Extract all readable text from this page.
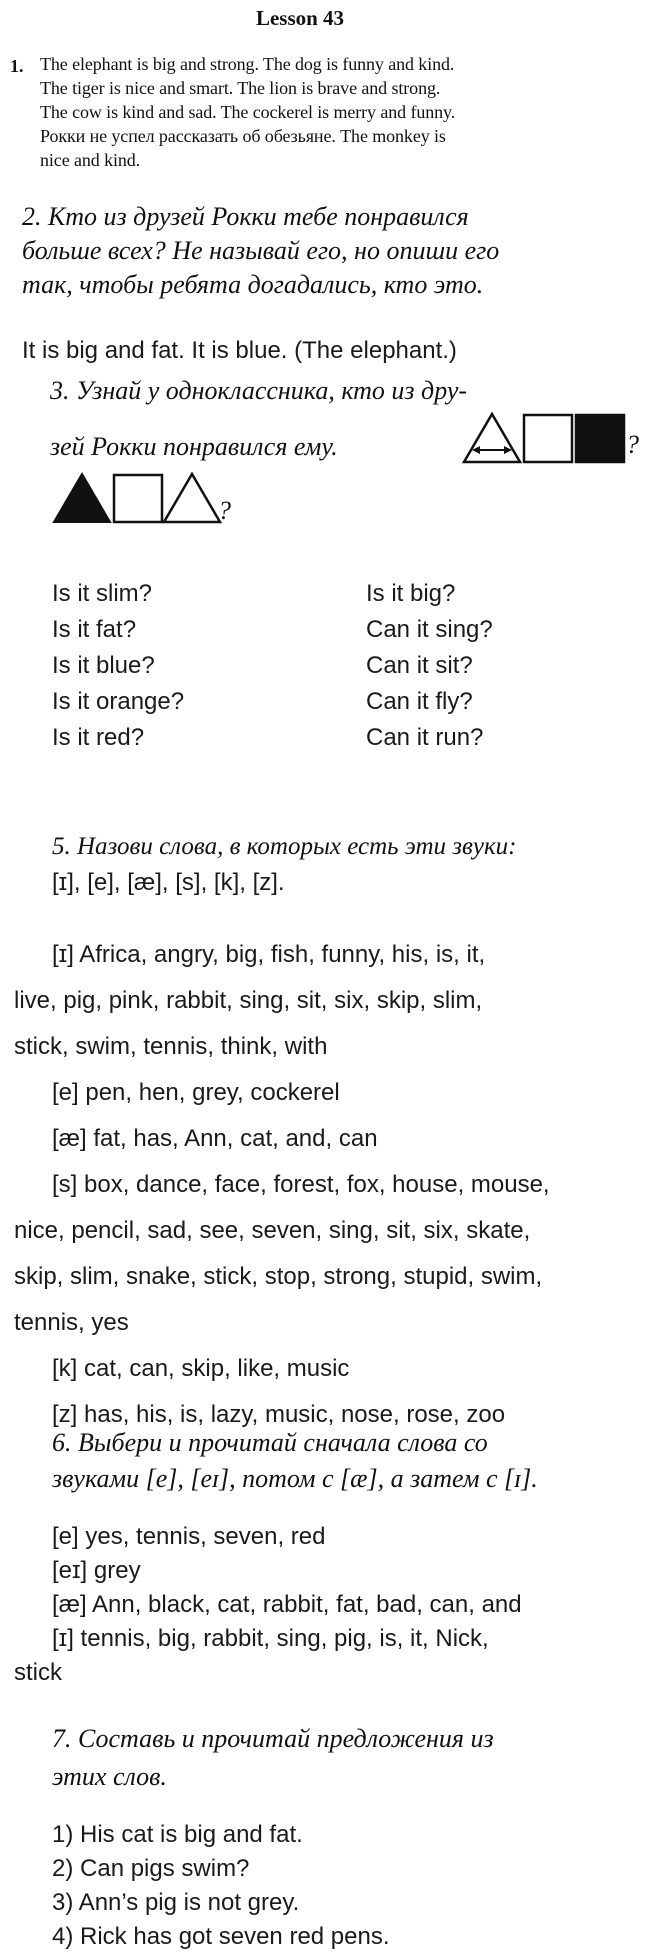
Lesson 43
1. The elephant is big and strong. The dog is funny and kind.
The tiger is nice and smart. The lion is brave and strong.
The cow is kind and sad. The cockerel is merry and funny.
Рокки не успел рассказать об обезьяне. The monkey is
nice and kind.
2. Кто из друзей Рокки тебе понравился
больше всех? Не называй его, но опиши его
так, чтобы ребята догадались, кто это.
It is big and fat. It is blue. (The elephant.)
3. Узнай у одноклассника, кто из дру-
зей Рокки понравился ему.	?
?
Is it slim?
Is it fat?
Is it blue?
Is it orange?
Is it red?
Is it big?
Can it sing?
Can it sit?
Can it fly?
Can it run?
5. Назови слова, в которых есть эти звуки:
[ɪ], [e], [æ], [s], [k], [z].
[ɪ] Africa, angry, big, fish, funny, his, is, it,
live, pig, pink, rabbit, sing, sit, six, skip, slim,
stick, swim, tennis, think, with
[e] pen, hen, grey, cockerel
[æ] fat, has, Ann, cat, and, can
[s] box, dance, face, forest, fox, house, mouse,
nice, pencil, sad, see, seven, sing, sit, six, skate,
skip, slim, snake, stick, stop, strong, stupid, swim,
tennis, yes
[k] cat, can, skip, like, music
[z] has, his, is, lazy, music, nose, rose, zoo
6. Выбери и прочитай сначала слова со
звуками [e], [eɪ], потом с [æ], а затем с [ɪ].
[e] yes, tennis, seven, red
[eɪ] grey
[æ] Ann, black, cat, rabbit, fat, bad, can, and
[ɪ] tennis, big, rabbit, sing, pig, is, it, Nick,
stick
7. Составь и прочитай предложения из
этих слов.
1) His cat is big and fat.
2) Can pigs swim?
3) Ann’s pig is not grey.
4) Rick has got seven red pens.
